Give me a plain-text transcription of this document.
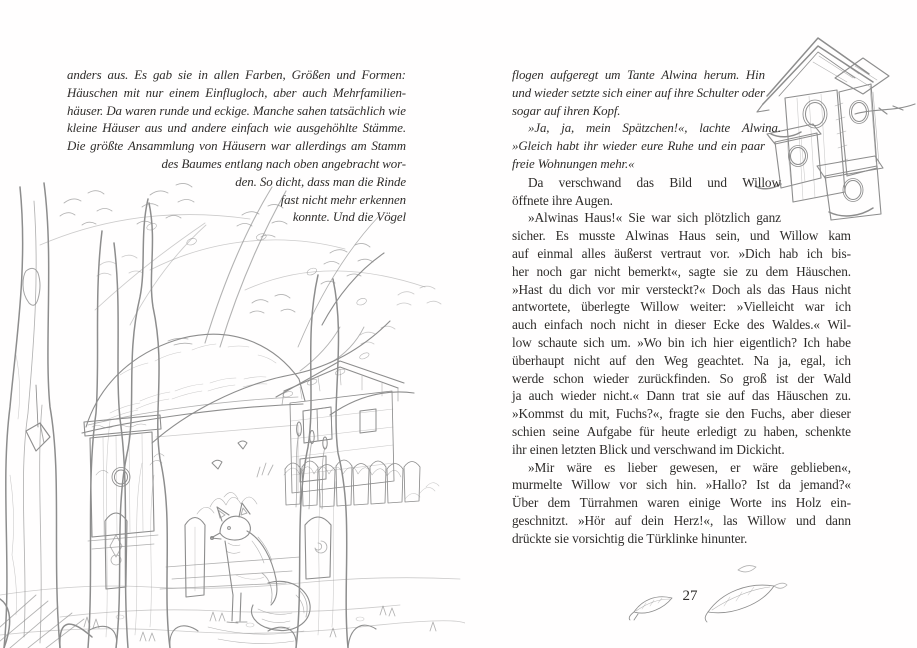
anders aus. Es gab sie in allen Farben, Größen und Formen:
Häuschen mit nur einem Einflugloch, aber auch Mehrfamilien-
häuser. Da waren runde und eckige. Manche sahen tatsächlich wie
kleine Häuser aus und andere einfach wie ausgehöhlte Stämme.
Die größte Ansammlung von Häusern war allerdings am Stamm
des Baumes entlang nach oben angebracht wor-
den. So dicht, dass man die Rinde
fast nicht mehr erkennen
konnte. Und die Vögel
flogen aufgeregt um Tante Alwina herum. Hin
und wieder setzte sich einer auf ihre Schulter oder
sogar auf ihren Kopf.
»Ja, ja, mein Spätzchen!«, lachte Alwina.
»Gleich habt ihr wieder eure Ruhe und ein paar
freie Wohnungen mehr.«
Da verschwand das Bild und Willow
öffnete ihre Augen.
»Alwinas Haus!« Sie war sich plötzlich ganz
sicher. Es musste Alwinas Haus sein, und Willow kam
auf einmal alles äußerst vertraut vor. »Dich hab ich bis-
her noch gar nicht bemerkt«, sagte sie zu dem Häuschen.
»Hast du dich vor mir versteckt?« Doch als das Haus nicht
antwortete, überlegte Willow weiter: »Vielleicht war ich
auch einfach noch nicht in dieser Ecke des Waldes.« Wil-
low schaute sich um. »Wo bin ich hier eigentlich? Ich habe
überhaupt nicht auf den Weg geachtet. Na ja, egal, ich
werde schon wieder zurückfinden. So groß ist der Wald
ja auch wieder nicht.« Dann trat sie auf das Häuschen zu.
»Kommst du mit, Fuchs?«, fragte sie den Fuchs, aber dieser
schien seine Aufgabe für heute erledigt zu haben, schenkte
ihr einen letzten Blick und verschwand im Dickicht.
»Mir wäre es lieber gewesen, er wäre geblieben«,
murmelte Willow vor sich hin. »Hallo? Ist da jemand?«
Über dem Türrahmen waren einige Worte ins Holz ein-
geschnitzt. »Hör auf dein Herz!«, las Willow und dann
drückte sie vorsichtig die Türklinke hinunter.
27
